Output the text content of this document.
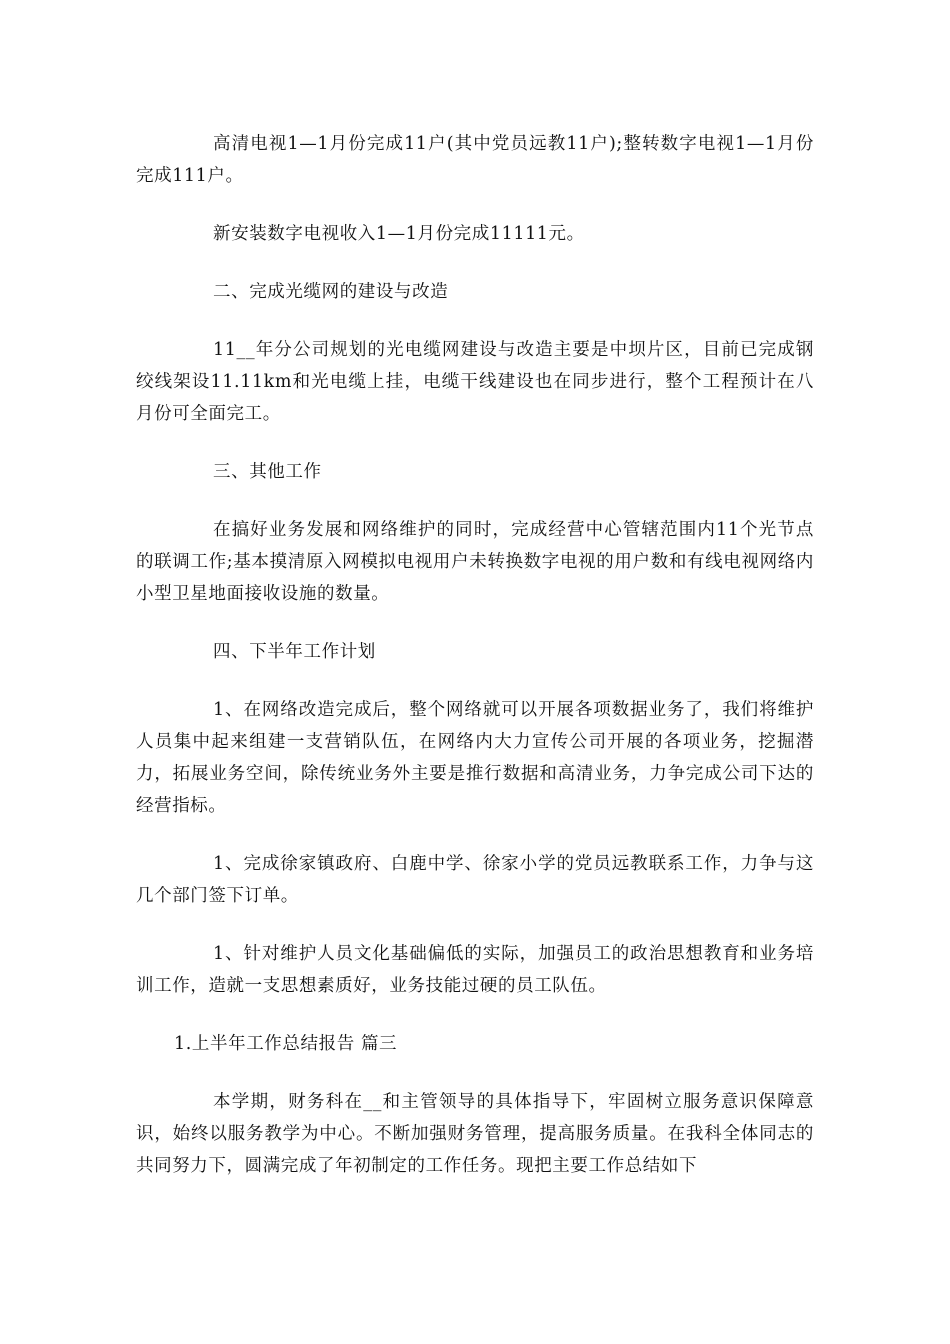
高清电视1—1月份完成11户(其中党员远教11户);整转数字电视1—1月份完成111户。

新安装数字电视收入1—1月份完成11111元。

二、完成光缆网的建设与改造

11__年分公司规划的光电缆网建设与改造主要是中坝片区，目前已完成钢绞线架设11.11km和光电缆上挂，电缆干线建设也在同步进行，整个工程预计在八月份可全面完工。

三、其他工作

在搞好业务发展和网络维护的同时，完成经营中心管辖范围内11个光节点的联调工作;基本摸清原入网模拟电视用户未转换数字电视的用户数和有线电视网络内小型卫星地面接收设施的数量。

四、下半年工作计划

1、在网络改造完成后，整个网络就可以开展各项数据业务了，我们将维护人员集中起来组建一支营销队伍，在网络内大力宣传公司开展的各项业务，挖掘潜力，拓展业务空间，除传统业务外主要是推行数据和高清业务，力争完成公司下达的经营指标。

1、完成徐家镇政府、白鹿中学、徐家小学的党员远教联系工作，力争与这几个部门签下订单。

1、针对维护人员文化基础偏低的实际，加强员工的政治思想教育和业务培训工作，造就一支思想素质好，业务技能过硬的员工队伍。

1.上半年工作总结报告 篇三

本学期，财务科在__和主管领导的具体指导下，牢固树立服务意识保障意识，始终以服务教学为中心。不断加强财务管理，提高服务质量。在我科全体同志的共同努力下，圆满完成了年初制定的工作任务。现把主要工作总结如下
